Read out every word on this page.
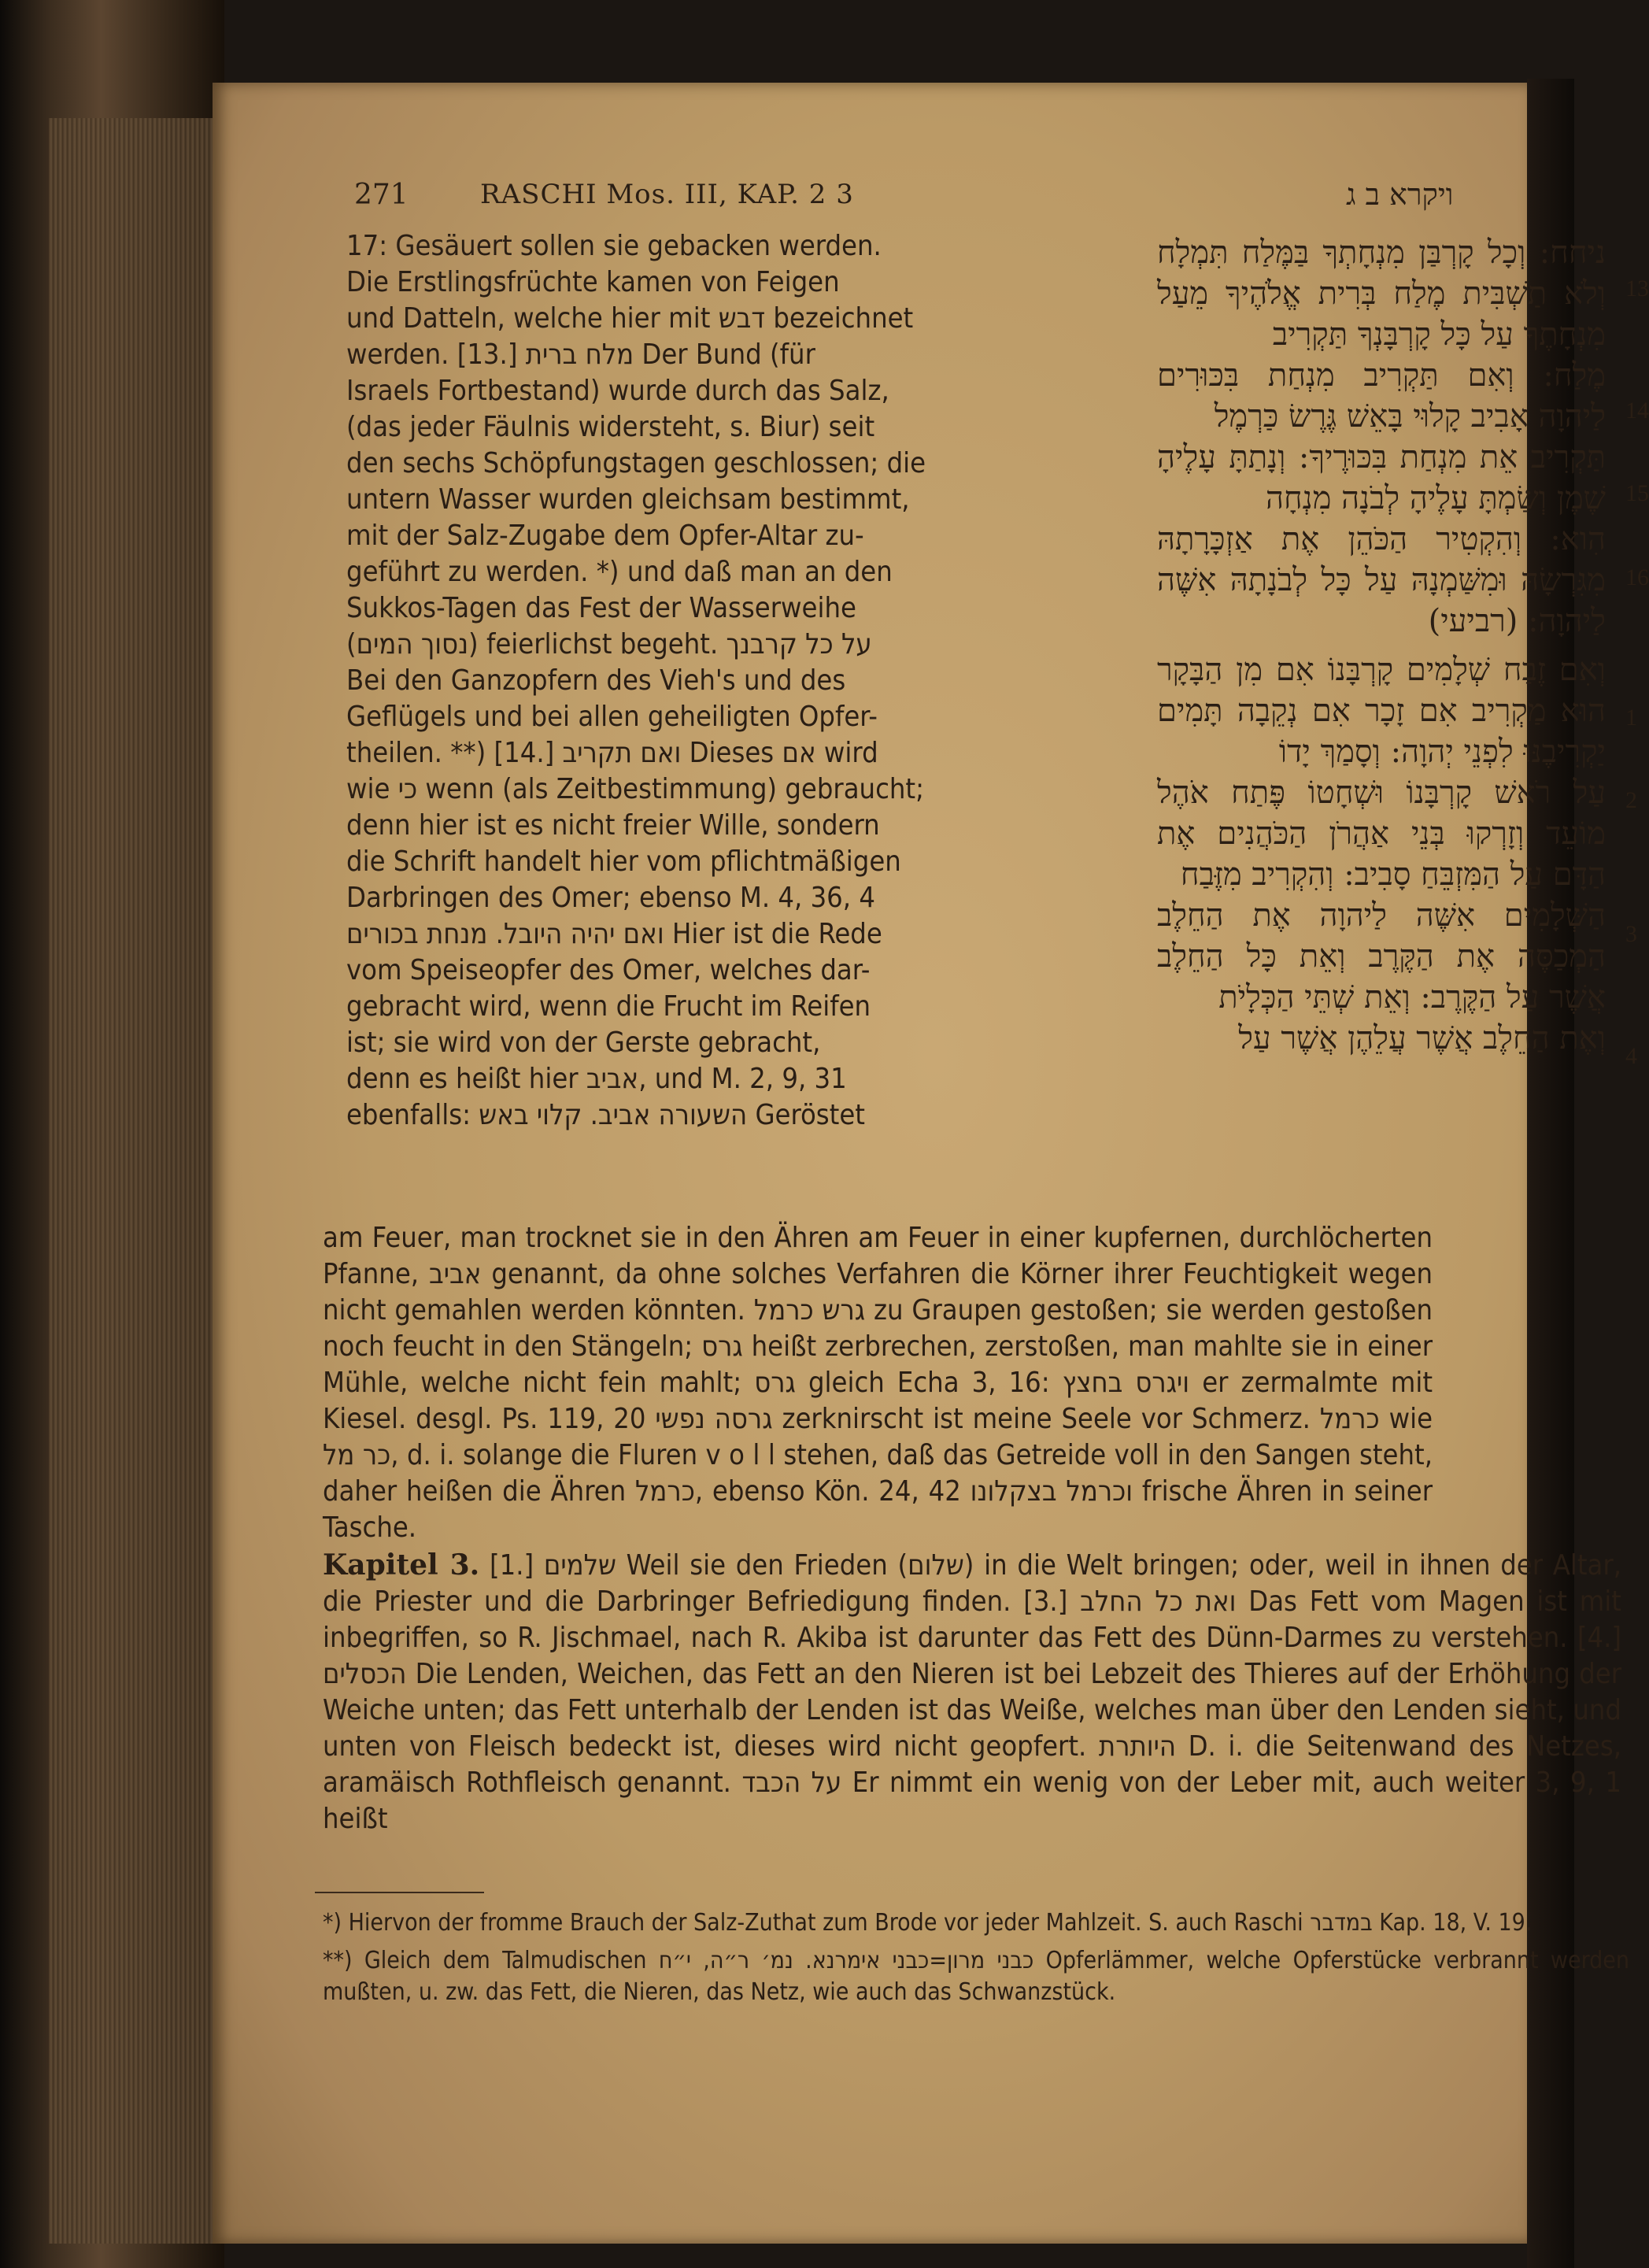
271	RASCHI Mos. III, KAP. 2 3	ויקרא ב ג

17: Gesäuert sollen sie gebacken werden.

Die Erstlingsfrüchte kamen von Feigen

und Datteln, welche hier mit דבש bezeichnet

werden. [13.] מלח ברית Der Bund (für

Israels Fortbestand) wurde durch das Salz,

(das jeder Fäulnis widersteht, s. Biur) seit

den sechs Schöpfungstagen geschlossen; die

untern Wasser wurden gleichsam bestimmt,

mit der Salz-Zugabe dem Opfer-Altar zu-

geführt zu werden. *) und daß man an den

Sukkos-Tagen das Fest der Wasserweihe

(נסוך המים) feierlichst begeht. על כל קרבנך

Bei den Ganzopfern des Vieh's und des

Geflügels und bei allen geheiligten Opfer-

theilen. **) [14.] ואם תקריב Dieses אם wird

wie כי wenn (als Zeitbestimmung) gebraucht;

denn hier ist es nicht freier Wille, sondern

die Schrift handelt hier vom pflichtmäßigen

Darbringen des Omer; ebenso M. 4, 36, 4

ואם יהיה היובל. מנחת בכורים Hier ist die Rede

vom Speiseopfer des Omer, welches dar-

gebracht wird, wenn die Frucht im Reifen

ist; sie wird von der Gerste gebracht,

denn es heißt hier אביב, und M. 2, 9, 31

ebenfalls: השעורה אביב. קלוי באש Geröstet

ניחח: וְכָל קָרְבַּן מִנְחָתְךָ בַּמֶּלַח תִּמְלָח וְלֹא תַשְׁבִּית מֶלַח בְּרִית אֱלֹהֶיךָ מֵעַל מִנְחָתֶךָ עַל כָּל קָרְבָּנְךָ תַּקְרִיב

מֶלַח: וְאִם תַּקְרִיב מִנְחַת בִּכּוּרִים לַיהוָה אָבִיב קָלוּי בָּאֵשׁ גֶּרֶשׂ כַּרְמֶל

תַּקְרִיב אֵת מִנְחַת בִּכּוּרֶיךָ: וְנָתַתָּ עָלֶיהָ שֶׁמֶן וְשַׂמְתָּ עָלֶיהָ לְבֹנָה מִנְחָה

הִוא: וְהִקְטִיר הַכֹּהֵן אֶת אַזְכָּרָתָהּ מִגִּרְשָׂהּ וּמִשַּׁמְנָהּ עַל כָּל לְבֹנָתָהּ אִשֶּׁה לַיהוָה: (רביעי)

וְאִם זֶבַח שְׁלָמִים קָרְבָּנוֹ אִם מִן הַבָּקָר הוּא מַקְרִיב אִם זָכָר אִם נְקֵבָה תָּמִים יַקְרִיבֶנּוּ לִפְנֵי יְהוָה: וְסָמַךְ יָדוֹ

עַל רֹאשׁ קָרְבָּנוֹ וּשְׁחָטוֹ פֶּתַח אֹהֶל מוֹעֵד וְזָרְקוּ בְּנֵי אַהֲרֹן הַכֹּהֲנִים אֶת הַדָּם עַל הַמִּזְבֵּחַ סָבִיב: וְהִקְרִיב מִזֶּבַח

הַשְּׁלָמִים אִשֶּׁה לַיהוָה אֶת הַחֵלֶב הַמְכַסֶּה אֶת הַקֶּרֶב וְאֵת כָּל הַחֵלֶב אֲשֶׁר עַל הַקֶּרֶב: וְאֵת שְׁתֵּי הַכְּלָיֹת

וְאֶת הַחֵלֶב אֲשֶׁר עֲלֵהֶן אֲשֶׁר עַל

13
14
15
16
1
2
3
4
am Feuer, man trocknet sie in den Ähren am Feuer in einer kupfernen, durchlöcherten Pfanne, אביב genannt, da ohne solches Verfahren die Körner ihrer Feuchtigkeit wegen nicht gemahlen werden könnten. גרש כרמל zu Graupen gestoßen; sie werden gestoßen noch feucht in den Stängeln; גרס heißt zerbrechen, zerstoßen, man mahlte sie in einer Mühle, welche nicht fein mahlt; גרס gleich Echa 3, 16: ויגרס בחצץ er zermalmte mit Kiesel. desgl. Ps. 119, 20 גרסה נפשי zerknirscht ist meine Seele vor Schmerz. כרמל wie כר מל, d. i. solange die Fluren v o l l stehen, daß das Getreide voll in den Sangen steht, daher heißen die Ähren כרמל, ebenso Kön. 24, 42 וכרמל בצקלונו frische Ähren in seiner Tasche.
Kapitel 3. [1.] שלמים Weil sie den Frieden (שלום) in die Welt bringen; oder, weil in ihnen der Altar, die Priester und die Darbringer Befriedigung finden. [3.] ואת כל החלב Das Fett vom Magen ist mit inbegriffen, so R. Jischmael, nach R. Akiba ist darunter das Fett des Dünn-Darmes zu verstehen. [4.] הכסלים Die Lenden, Weichen, das Fett an den Nieren ist bei Lebzeit des Thieres auf der Erhöhung der Weiche unten; das Fett unterhalb der Lenden ist das Weiße, welches man über den Lenden sieht, und unten von Fleisch bedeckt ist, dieses wird nicht geopfert. היותרת D. i. die Seitenwand des Netzes, aramäisch Rothfleisch genannt. על הכבד Er nimmt ein wenig von der Leber mit, auch weiter 3, 9, 1 heißt

*) Hiervon der fromme Brauch der Salz-Zuthat zum Brode vor jeder Mahlzeit. S. auch Raschi במדבר Kap. 18, V. 19.

**) Gleich dem Talmudischen כבני מרון=כבני אימרנא. נמ׳ ר״ה, י״ח Opferlämmer, welche Opferstücke verbrannt werden mußten, u. zw. das Fett, die Nieren, das Netz, wie auch das Schwanzstück.
